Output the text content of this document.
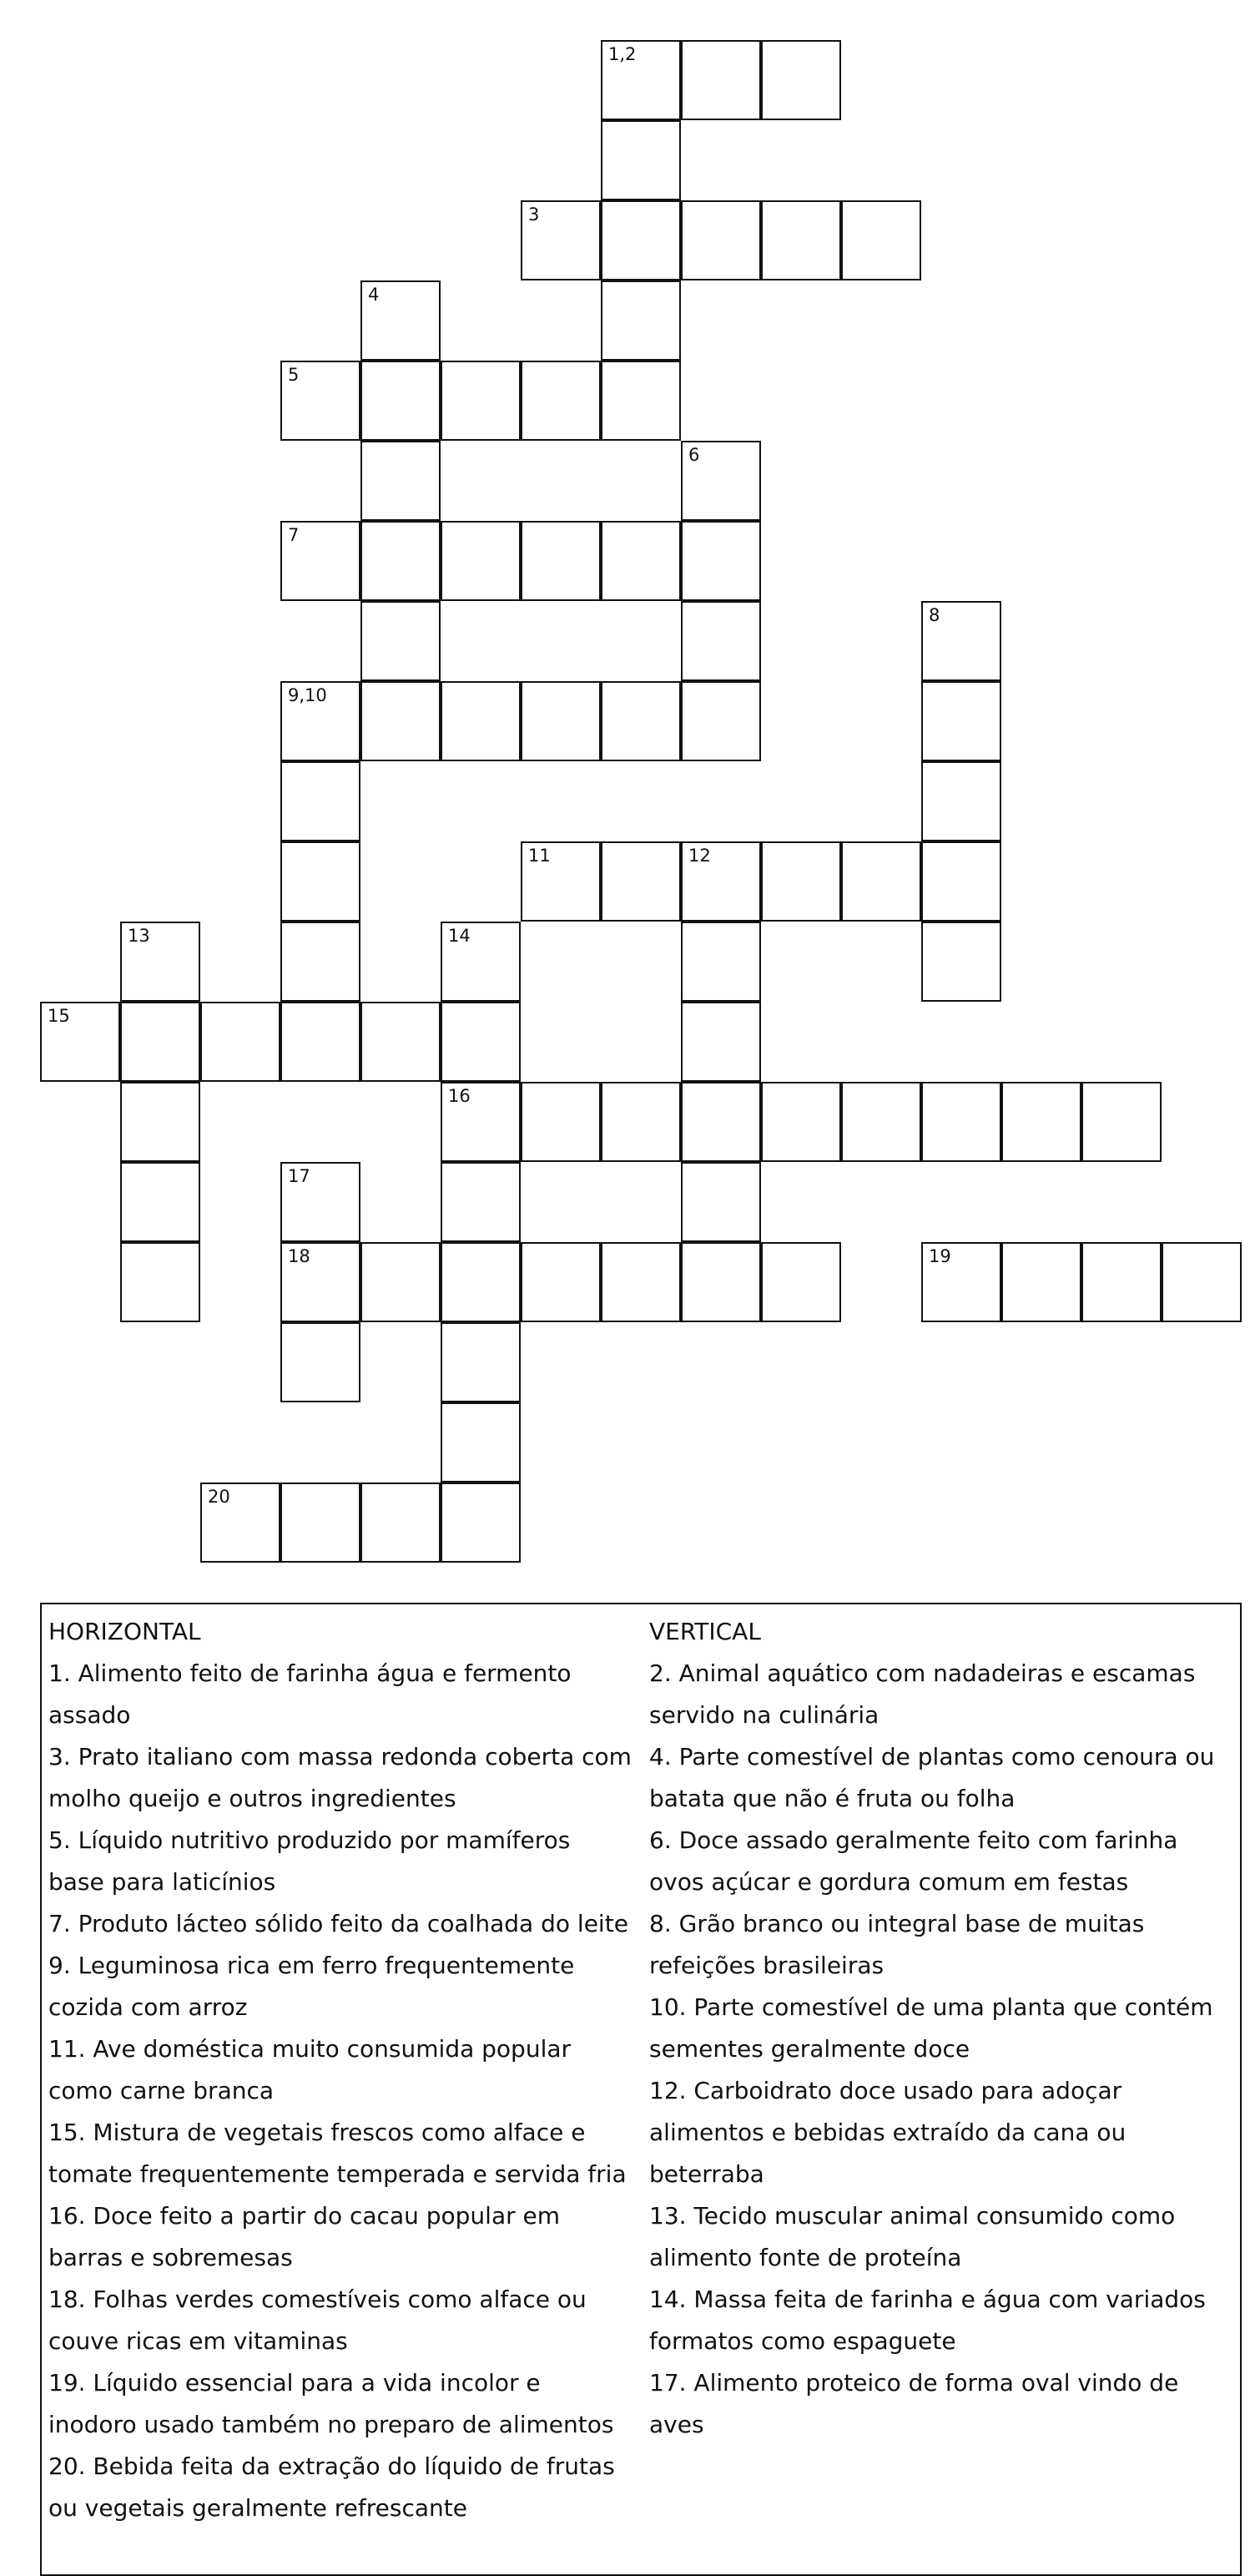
1,2
3
4
5
6
7
8
9,10
11	12
13	14
16
15
17
18	19
20
HORIZONTAL
1. Alimento feito de farinha água e fermento assado
3. Prato italiano com massa redonda coberta com molho queijo e outros ingredientes
5. Líquido nutritivo produzido por mamíferos base para laticínios
7. Produto lácteo sólido feito da coalhada do leite
9. Leguminosa rica em ferro frequentemente cozida com arroz
11. Ave doméstica muito consumida popular como carne branca
15. Mistura de vegetais frescos como alface e tomate frequentemente temperada e servida fria
16. Doce feito a partir do cacau popular em barras e sobremesas
18. Folhas verdes comestíveis como alface ou couve ricas em vitaminas
19. Líquido essencial para a vida incolor e inodoro usado também no preparo de alimentos
20. Bebida feita da extração do líquido de frutas ou vegetais geralmente refrescante
VERTICAL
2. Animal aquático com nadadeiras e escamas servido na culinária
4. Parte comestível de plantas como cenoura ou batata que não é fruta ou folha
6. Doce assado geralmente feito com farinha ovos açúcar e gordura comum em festas
8. Grão branco ou integral base de muitas refeições brasileiras
10. Parte comestível de uma planta que contém sementes geralmente doce
12. Carboidrato doce usado para adoçar alimentos e bebidas extraído da cana ou beterraba
13. Tecido muscular animal consumido como alimento fonte de proteína
14. Massa feita de farinha e água com variados formatos como espaguete
17. Alimento proteico de forma oval vindo de aves
